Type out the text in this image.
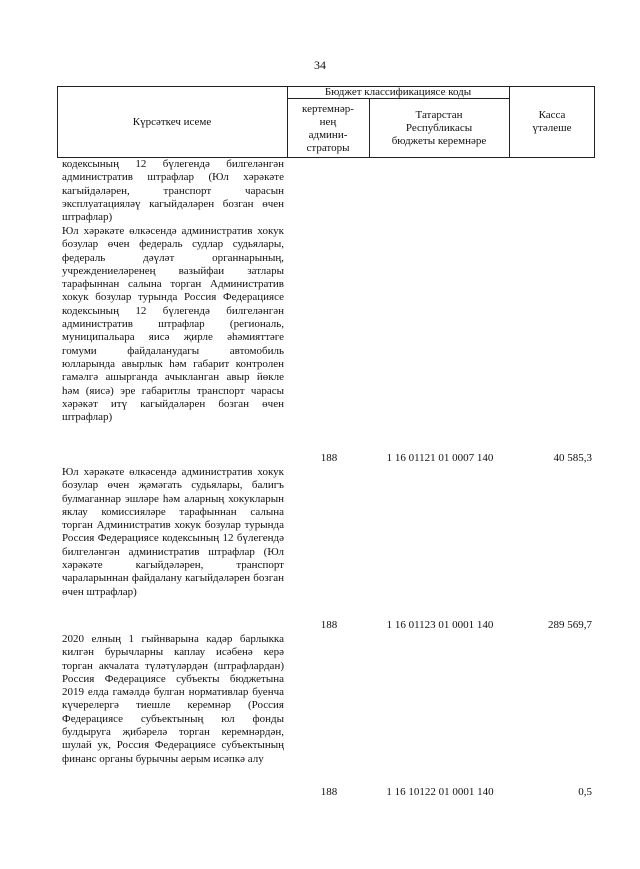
34
Күрсәткеч исеме
Бюджет классификациясе коды
кертемнәр-
нең
админи-
страторы
Татарстан
Республикасы
бюджеты керемнәре
Касса
үтәлеше
кодексының 12 бүлегендә билгеләнгән административ штрафлар (Юл хәрәкәте кагыйдәләрен, транспорт чарасын эксплуатацияләү кагыйдәләрен бозган өчен штрафлар)
Юл хәрәкәте өлкәсендә административ хокук бозулар өчен федераль судлар судьялары, федераль дәүләт органнарының, учреждениеләренең вазыйфаи затлары тарафыннан салына торган Административ хокук бозулар турында Россия Федерациясе кодексының 12 бүлегендә билгеләнгән административ штрафлар (региональ, муниципальара яисә җирле әһәмияттәге гомуми файдаланудагы автомобиль юлларында авырлык һәм габарит контролен гамәлгә ашырганда ачыкланган авыр йөкле һәм (яисә) эре габаритлы транспорт чарасы хәрәкәт итү кагыйдәләрен бозган өчен штрафлар)
188	1 16 01121 01 0007 140	40 585,3
Юл хәрәкәте өлкәсендә административ хокук бозулар өчен җәмәгать судьялары, балигъ булмаганнар эшләре һәм аларның хокукларын яклау комиссияләре тарафыннан салына торган Административ хокук бозулар турында Россия Федерациясе кодексының 12 бүлегендә билгеләнгән административ штрафлар (Юл хәрәкәте кагыйдәләрен, транспорт чараларыннан файдалану кагыйдәләрен бозган өчен штрафлар)
188	1 16 01123 01 0001 140	289 569,7
2020 елның 1 гыйнварына кадәр барлыкка килгән бурычларны каплау исәбенә керә торган акчалата түләтүләрдән (штрафлардан) Россия Федерациясе субъекты бюджетына 2019 елда гамәлдә булган нормативлар буенча күчерелергә тиешле керемнәр (Россия Федерациясе субъектының юл фонды булдыруга җибәрелә торган керемнәрдән, шулай ук, Россия Федерациясе субъектының финанс органы бурычны аерым исәпкә алу
188	1 16 10122 01 0001 140	0,5
